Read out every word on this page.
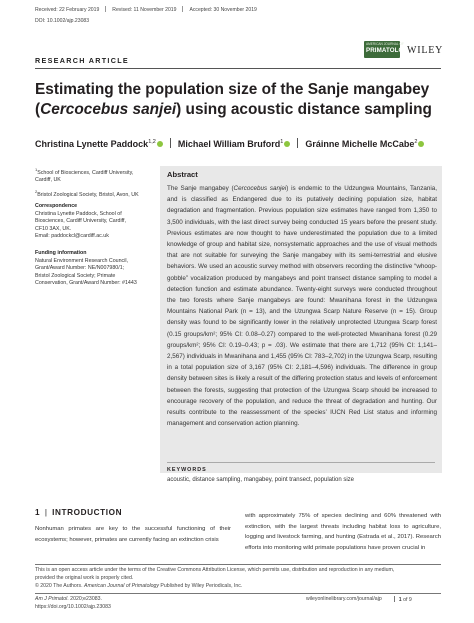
Received: 22 February 2019	Revised: 11 November 2019	Accepted: 30 November 2019
DOI: 10.1002/ajp.23083
RESEARCH ARTICLE
AMERICAN JOURNAL OF
PRIMATOLOGY
WILEY
Estimating the population size of the Sanje mangabey
(Cercocebus sanjei) using acoustic distance sampling
Christina Lynette Paddock$^{1,2}$ Michael William Bruford$^1$ Gráinne Michelle McCabe$^2$
$^1$School of Biosciences, Cardiff University,
Cardiff, UK
$^2$Bristol Zoological Society, Bristol, Avon, UK
Correspondence
Christina Lynette Paddock, School of
Biosciences, Cardiff University, Cardiff,
CF10 3AX, UK.
Email: paddockcl@cardiff.ac.uk
Funding information
Natural Environment Research Council,
Grant/Award Number: NE/N007980/1;
Bristol Zoological Society; Primate
Conservation, Grant/Award Number: #1443
Abstract
The Sanje mangabey (Cercocebus sanjei) is endemic to the Udzungwa Mountains, Tanzania, and is classified as Endangered due to its putatively declining population size, habitat degradation and fragmentation. Previous population size estimates have ranged from 1,350 to 3,500 individuals, with the last direct survey being conducted 15 years before the present study. Previous estimates are now thought to have underestimated the population due to a limited knowledge of group and habitat size, nonsystematic approaches and the use of visual methods that are not suitable for surveying the Sanje mangabey with its semi-terrestrial and elusive behaviors. We used an acoustic survey method with observers recording the distinctive “whoop-gobble” vocalization produced by mangabeys and point transect distance sampling to model a detection function and estimate abundance. Twenty-eight surveys were conducted throughout the two forests where Sanje mangabeys are found: Mwanihana forest in the Udzungwa Mountains National Park (n = 13), and the Uzungwa Scarp Nature Reserve (n = 15). Group density was found to be significantly lower in the relatively unprotected Uzungwa Scarp forest (0.15 groups/km²; 95% CI: 0.08–0.27) compared to the well-protected Mwanihana forest (0.29 groups/km²; 95% CI: 0.19–0.43; p = .03). We estimate that there are 1,712 (95% CI: 1,141–2,567) individuals in Mwanihana and 1,455 (95% CI: 783–2,702) in the Uzungwa Scarp, resulting in a total population size of 3,167 (95% CI: 2,181–4,596) individuals. The difference in group density between sites is likely a result of the differing protection status and levels of enforcement between the forests, suggesting that protection of the Uzungwa Scarp should be increased to encourage recovery of the population, and reduce the threat of degradation and hunting. Our results contribute to the reassessment of the species’ IUCN Red List status and informing management and conservation action planning.
KEYWORDS
acoustic, distance sampling, mangabey, point transect, population size
1 | INTRODUCTION
Nonhuman primates are key to the successful functioning of their ecosystems; however, primates are currently facing an extinction crisis
with approximately 75% of species declining and 60% threatened with extinction, with the largest threats including habitat loss to agriculture, logging and livestock farming, and hunting (Estrada et al., 2017). Research efforts into monitoring wild primate populations have proven crucial in
This is an open access article under the terms of the Creative Commons Attribution License, which permits use, distribution and reproduction in any medium,
provided the original work is properly cited.
© 2020 The Authors. American Journal of Primatology Published by Wiley Periodicals, Inc.
Am J Primatol. 2020;e23083.
https://doi.org/10.1002/ajp.23083
wileyonlinelibrary.com/journal/ajp	1 of 9
